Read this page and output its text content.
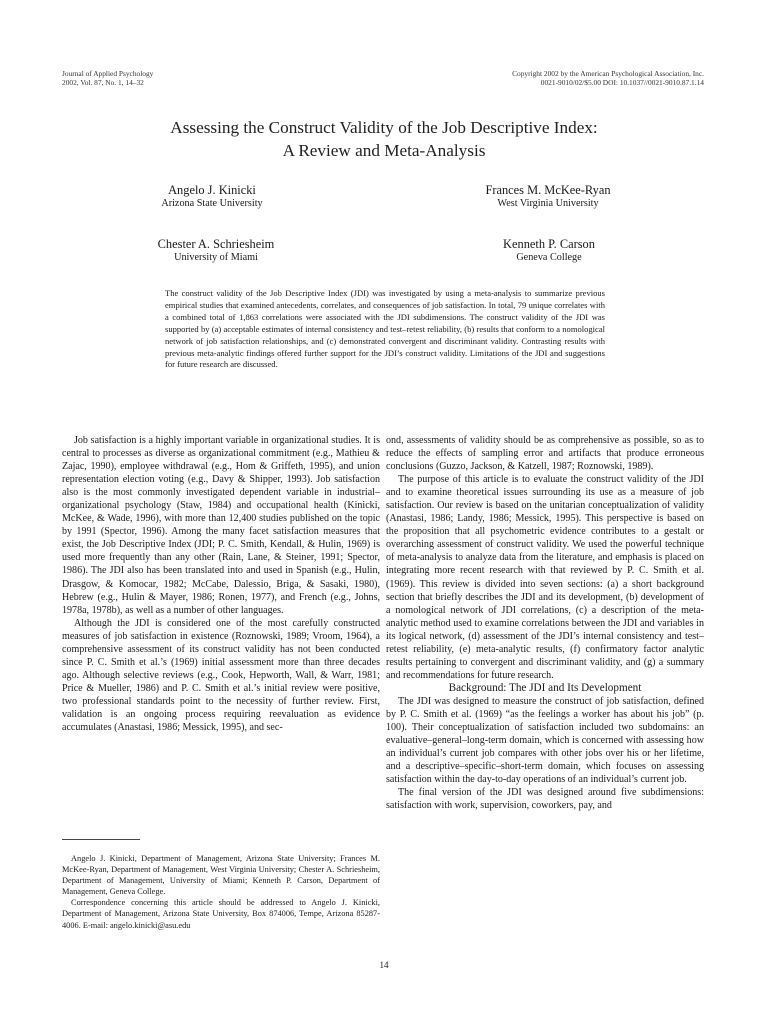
Journal of Applied Psychology
2002, Vol. 87, No. 1, 14–32
Copyright 2002 by the American Psychological Association, Inc.
0021-9010/02/$5.00 DOI: 10.1037//0021-9010.87.1.14
Assessing the Construct Validity of the Job Descriptive Index:
A Review and Meta-Analysis
Angelo J. Kinicki
Arizona State University
Frances M. McKee-Ryan
West Virginia University
Chester A. Schriesheim
University of Miami
Kenneth P. Carson
Geneva College
The construct validity of the Job Descriptive Index (JDI) was investigated by using a meta-analysis to summarize previous empirical studies that examined antecedents, correlates, and consequences of job satisfaction. In total, 79 unique correlates with a combined total of 1,863 correlations were associated with the JDI subdimensions. The construct validity of the JDI was supported by (a) acceptable estimates of internal consistency and test–retest reliability, (b) results that conform to a nomological network of job satisfaction relationships, and (c) demonstrated convergent and discriminant validity. Contrasting results with previous meta-analytic findings offered further support for the JDI’s construct validity. Limitations of the JDI and suggestions for future research are discussed.

Job satisfaction is a highly important variable in organizational studies. It is central to processes as diverse as organizational commitment (e.g., Mathieu & Zajac, 1990), employee withdrawal (e.g., Hom & Griffeth, 1995), and union representation election voting (e.g., Davy & Shipper, 1993). Job satisfaction also is the most commonly investigated dependent variable in industrial–organizational psychology (Staw, 1984) and occupational health (Kinicki, McKee, & Wade, 1996), with more than 12,400 studies published on the topic by 1991 (Spector, 1996). Among the many facet satisfaction measures that exist, the Job Descriptive Index (JDI; P. C. Smith, Kendall, & Hulin, 1969) is used more frequently than any other (Rain, Lane, & Steiner, 1991; Spector, 1986). The JDI also has been translated into and used in Spanish (e.g., Hulin, Drasgow, & Komocar, 1982; McCabe, Dalessio, Briga, & Sasaki, 1980), Hebrew (e.g., Hulin & Mayer, 1986; Ronen, 1977), and French (e.g., Johns, 1978a, 1978b), as well as a number of other languages.

Although the JDI is considered one of the most carefully constructed measures of job satisfaction in existence (Roznowski, 1989; Vroom, 1964), a comprehensive assessment of its construct validity has not been conducted since P. C. Smith et al.’s (1969) initial assessment more than three decades ago. Although selective reviews (e.g., Cook, Hepworth, Wall, & Warr, 1981; Price & Mueller, 1986) and P. C. Smith et al.’s initial review were positive, two professional standards point to the necessity of further review. First, validation is an ongoing process requiring reevaluation as evidence accumulates (Anastasi, 1986; Messick, 1995), and sec-

ond, assessments of validity should be as comprehensive as possible, so as to reduce the effects of sampling error and artifacts that produce erroneous conclusions (Guzzo, Jackson, & Katzell, 1987; Roznowski, 1989).

The purpose of this article is to evaluate the construct validity of the JDI and to examine theoretical issues surrounding its use as a measure of job satisfaction. Our review is based on the unitarian conceptualization of validity (Anastasi, 1986; Landy, 1986; Messick, 1995). This perspective is based on the proposition that all psychometric evidence contributes to a gestalt or overarching assessment of construct validity. We used the powerful technique of meta-analysis to analyze data from the literature, and emphasis is placed on integrating more recent research with that reviewed by P. C. Smith et al. (1969). This review is divided into seven sections: (a) a short background section that briefly describes the JDI and its development, (b) development of a nomological network of JDI correlations, (c) a description of the meta-analytic method used to examine correlations between the JDI and variables in its logical network, (d) assessment of the JDI’s internal consistency and test–retest reliability, (e) meta-analytic results, (f) confirmatory factor analytic results pertaining to convergent and discriminant validity, and (g) a summary and recommendations for future research.

Background: The JDI and Its Development

The JDI was designed to measure the construct of job satisfaction, defined by P. C. Smith et al. (1969) “as the feelings a worker has about his job” (p. 100). Their conceptualization of satisfaction included two subdomains: an evaluative–general–long-term domain, which is concerned with assessing how an individual’s current job compares with other jobs over his or her lifetime, and a descriptive–specific–short-term domain, which focuses on assessing satisfaction within the day-to-day operations of an individual’s current job.

The final version of the JDI was designed around five subdimensions: satisfaction with work, supervision, coworkers, pay, and

Angelo J. Kinicki, Department of Management, Arizona State University; Frances M. McKee-Ryan, Department of Management, West Virginia University; Chester A. Schriesheim, Department of Management, University of Miami; Kenneth P. Carson, Department of Management, Geneva College.

Correspondence concerning this article should be addressed to Angelo J. Kinicki, Department of Management, Arizona State University, Box 874006, Tempe, Arizona 85287-4006. E-mail: angelo.kinicki@asu.edu

14
